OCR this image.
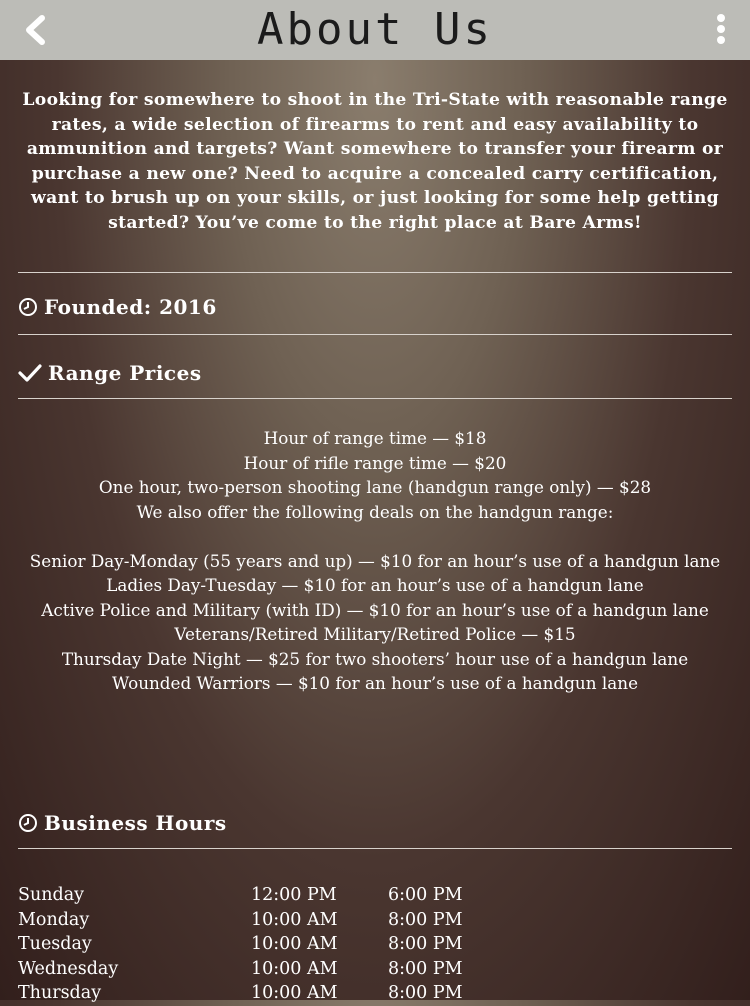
About Us
Looking for somewhere to shoot in the Tri-State with reasonable range rates, a wide selection of firearms to rent and easy availability to ammunition and targets? Want somewhere to transfer your firearm or purchase a new one? Need to acquire a concealed carry certification, want to brush up on your skills, or just looking for some help getting started? You’ve come to the right place at Bare Arms!
Founded: 2016
Range Prices
Hour of range time — $18
Hour of rifle range time — $20
One hour, two-person shooting lane (handgun range only) — $28
We also offer the following deals on the handgun range:
Senior Day-Monday (55 years and up) — $10 for an hour’s use of a handgun lane
Ladies Day-Tuesday — $10 for an hour’s use of a handgun lane
Active Police and Military (with ID) — $10 for an hour’s use of a handgun lane
Veterans/Retired Military/Retired Police — $15
Thursday Date Night — $25 for two shooters’ hour use of a handgun lane
Wounded Warriors — $10 for an hour’s use of a handgun lane
Business Hours
Sunday	12:00 PM	6:00 PM
Monday	10:00 AM	8:00 PM
Tuesday	10:00 AM	8:00 PM
Wednesday	10:00 AM	8:00 PM
Thursday	10:00 AM	8:00 PM
